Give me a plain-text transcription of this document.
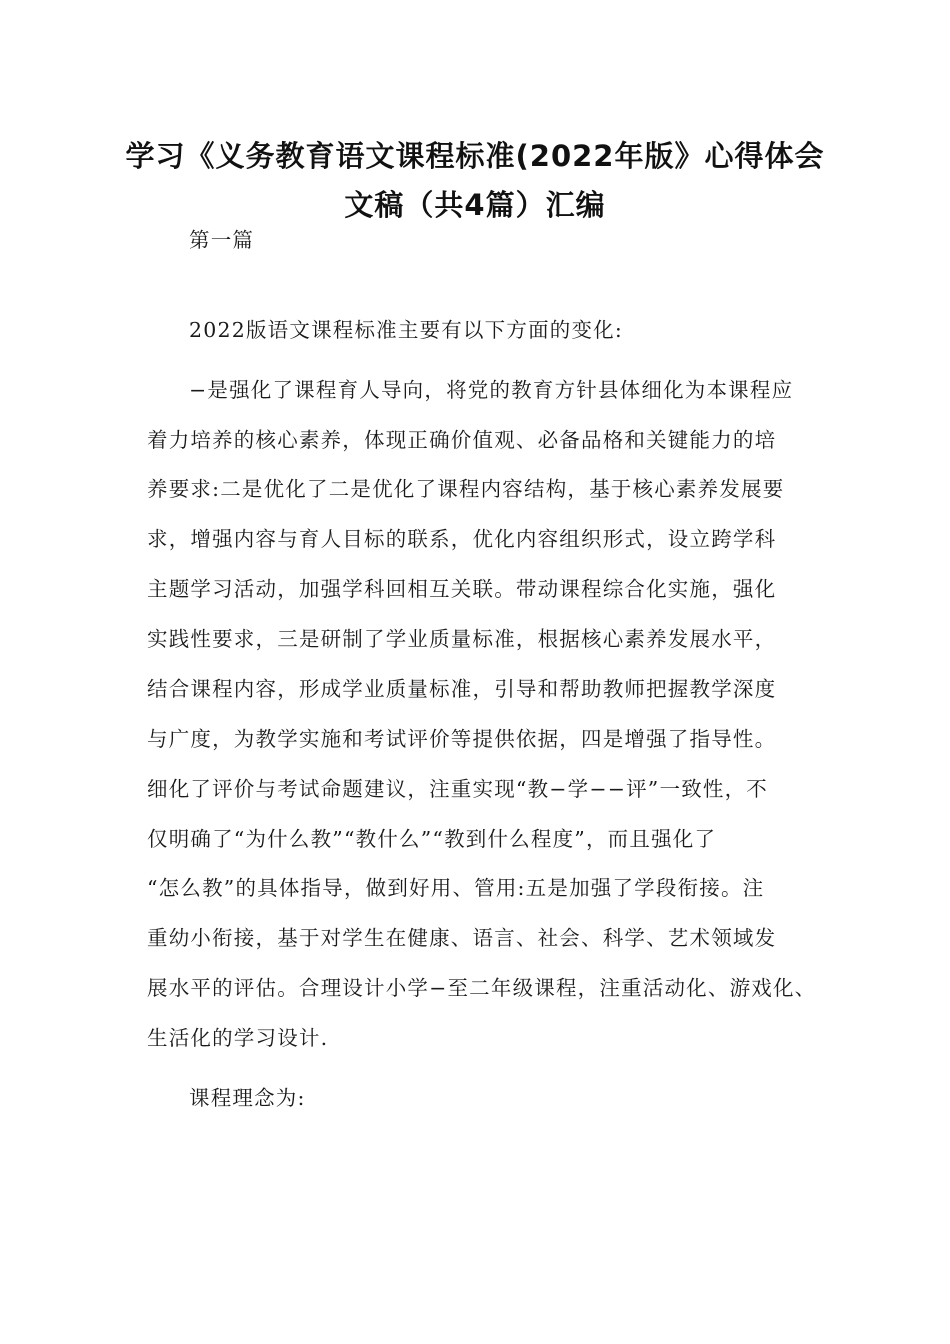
学习《义务教育语文课程标准(2022年版》心得体会
文稿（共4篇）汇编

第一篇

2022版语文课程标准主要有以下方面的变化:

−是强化了课程育人导向，将党的教育方针县体细化为本课程应

着力培养的核心素养，体现正确价值观、必备品格和关键能力的培

养要求:二是优化了二是优化了课程内容结构，基于核心素养发展要

求，增强内容与育人目标的联系，优化内容组织形式，设立跨学科

主题学习活动，加强学科回相互关联。带动课程综合化实施，强化

实践性要求，三是研制了学业质量标准，根据核心素养发展水平，

结合课程内容，形成学业质量标准，引导和帮助教师把握教学深度

与广度，为教学实施和考试评价等提供依据，四是增强了指导性。

细化了评价与考试命题建议，注重实现“教−学−−评”一致性，不

仅明确了“为什么教”“教什么”“教到什么程度”，而且强化了

“怎么教”的具体指导，做到好用、管用:五是加强了学段衔接。注

重幼小衔接，基于对学生在健康、语言、社会、科学、艺术领域发

展水平的评估。合理设计小学−至二年级课程，注重活动化、游戏化、

生活化的学习设计.

课程理念为:
